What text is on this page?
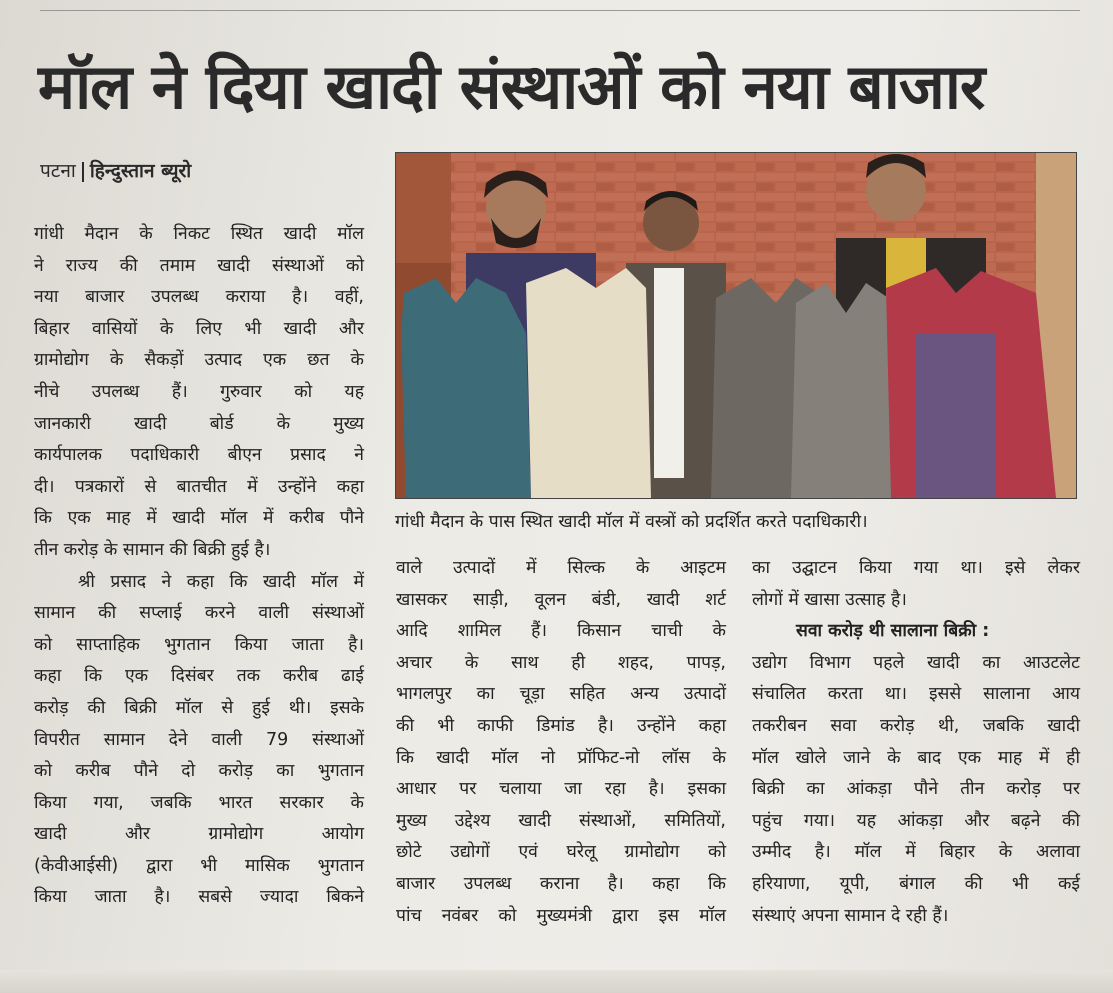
मॉल ने दिया खादी संस्थाओं को नया बाजार
पटना हिन्दुस्तान ब्यूरो

गांधी मैदान के निकट स्थित खादी मॉल

ने राज्य की तमाम खादी संस्थाओं को

नया बाजार उपलब्ध कराया है। वहीं,

बिहार वासियों के लिए भी खादी और

ग्रामोद्योग के सैकड़ों उत्पाद एक छत के

नीचे उपलब्ध हैं। गुरुवार को यह

जानकारी खादी बोर्ड के मुख्य

कार्यपालक पदाधिकारी बीएन प्रसाद ने

दी। पत्रकारों से बातचीत में उन्होंने कहा

कि एक माह में खादी मॉल में करीब पौने

तीन करोड़ के सामान की बिक्री हुई है।

श्री प्रसाद ने कहा कि खादी मॉल में

सामान की सप्लाई करने वाली संस्थाओं

को साप्ताहिक भुगतान किया जाता है।

कहा कि एक दिसंबर तक करीब ढाई

करोड़ की बिक्री मॉल से हुई थी। इसके

विपरीत सामान देने वाली 79 संस्थाओं

को करीब पौने दो करोड़ का भुगतान

किया गया, जबकि भारत सरकार के

खादी और ग्रामोद्योग आयोग

(केवीआईसी) द्वारा भी मासिक भुगतान

किया जाता है। सबसे ज्यादा बिकने

गांधी मैदान के पास स्थित खादी मॉल में वस्त्रों को प्रदर्शित करते पदाधिकारी।

वाले उत्पादों में सिल्क के आइटम

खासकर साड़ी, वूलन बंडी, खादी शर्ट

आदि शामिल हैं। किसान चाची के

अचार के साथ ही शहद, पापड़,

भागलपुर का चूड़ा सहित अन्य उत्पादों

की भी काफी डिमांड है। उन्होंने कहा

कि खादी मॉल नो प्रॉफिट-नो लॉस के

आधार पर चलाया जा रहा है। इसका

मुख्य उद्देश्य खादी संस्थाओं, समितियों,

छोटे उद्योगों एवं घरेलू ग्रामोद्योग को

बाजार उपलब्ध कराना है। कहा कि

पांच नवंबर को मुख्यमंत्री द्वारा इस मॉल

का उद्घाटन किया गया था। इसे लेकर

लोगों में खासा उत्साह है।

सवा करोड़ थी सालाना बिक्री :

उद्योग विभाग पहले खादी का आउटलेट

संचालित करता था। इससे सालाना आय

तकरीबन सवा करोड़ थी, जबकि खादी

मॉल खोले जाने के बाद एक माह में ही

बिक्री का आंकड़ा पौने तीन करोड़ पर

पहुंच गया। यह आंकड़ा और बढ़ने की

उम्मीद है। मॉल में बिहार के अलावा

हरियाणा, यूपी, बंगाल की भी कई

संस्थाएं अपना सामान दे रही हैं।
